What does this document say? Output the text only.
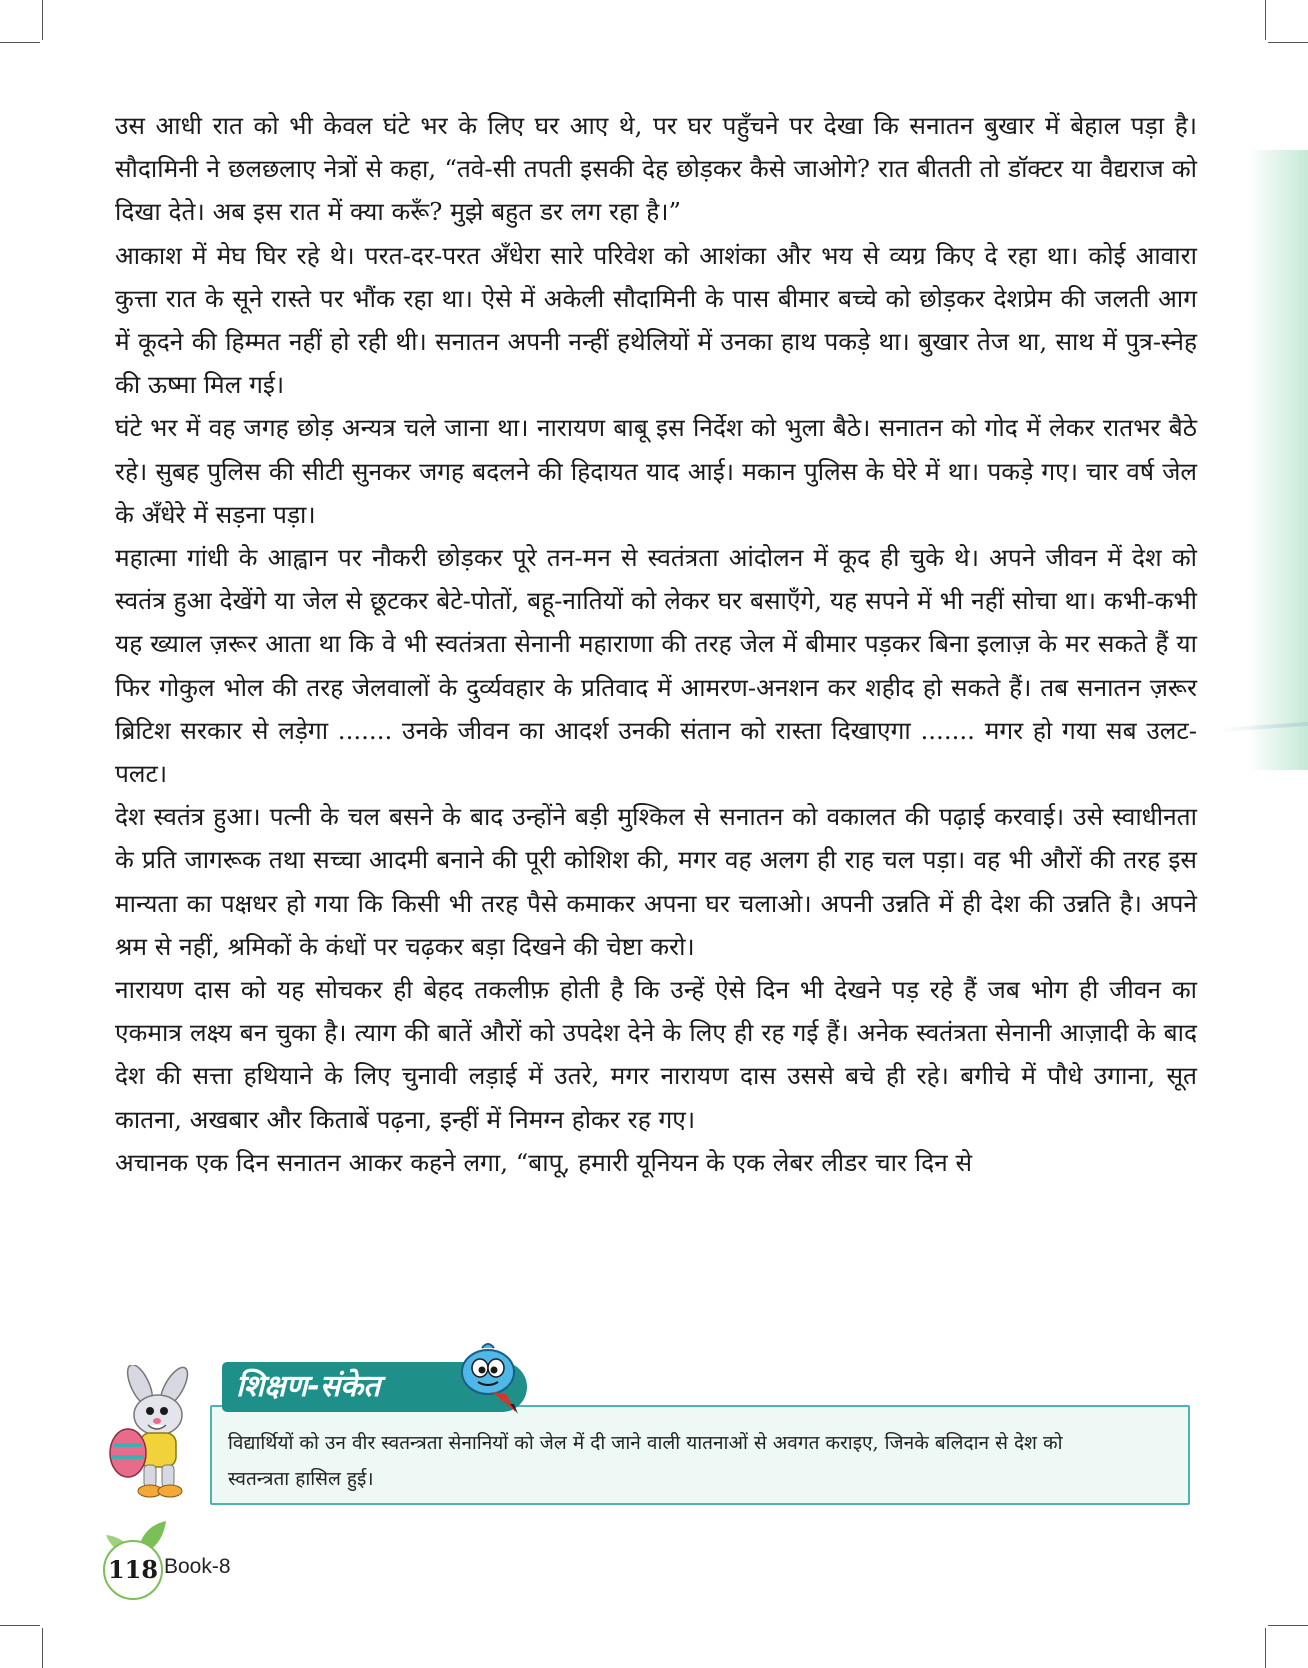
उस आधी रात को भी केवल घंटे भर के लिए घर आए थे, पर घर पहुँचने पर देखा कि सनातन बुखार में बेहाल पड़ा है। सौदामिनी ने छलछलाए नेत्रों से कहा, “तवे-सी तपती इसकी देह छोड़कर कैसे जाओगे? रात बीतती तो डॉक्टर या वैद्यराज को दिखा देते। अब इस रात में क्या करूँ? मुझे बहुत डर लग रहा है।”

आकाश में मेघ घिर रहे थे। परत-दर-परत अँधेरा सारे परिवेश को आशंका और भय से व्यग्र किए दे रहा था। कोई आवारा कुत्ता रात के सूने रास्ते पर भौंक रहा था। ऐसे में अकेली सौदामिनी के पास बीमार बच्चे को छोड़कर देशप्रेम की जलती आग में कूदने की हिम्मत नहीं हो रही थी। सनातन अपनी नन्हीं हथेलियों में उनका हाथ पकड़े था। बुखार तेज था, साथ में पुत्र-स्नेह की ऊष्मा मिल गई।

घंटे भर में वह जगह छोड़ अन्यत्र चले जाना था। नारायण बाबू इस निर्देश को भुला बैठे। सनातन को गोद में लेकर रातभर बैठे रहे। सुबह पुलिस की सीटी सुनकर जगह बदलने की हिदायत याद आई। मकान पुलिस के घेरे में था। पकड़े गए। चार वर्ष जेल के अँधेरे में सड़ना पड़ा।

महात्मा गांधी के आह्वान पर नौकरी छोड़कर पूरे तन-मन से स्वतंत्रता आंदोलन में कूद ही चुके थे। अपने जीवन में देश को स्वतंत्र हुआ देखेंगे या जेल से छूटकर बेटे-पोतों, बहू-नातियों को लेकर घर बसाएँगे, यह सपने में भी नहीं सोचा था। कभी-कभी यह ख्याल ज़रूर आता था कि वे भी स्वतंत्रता सेनानी महाराणा की तरह जेल में बीमार पड़कर बिना इलाज़ के मर सकते हैं या फिर गोकुल भोल की तरह जेलवालों के दुर्व्यवहार के प्रतिवाद में आमरण-अनशन कर शहीद हो सकते हैं। तब सनातन ज़रूर ब्रिटिश सरकार से लड़ेगा ....... उनके जीवन का आदर्श उनकी संतान को रास्ता दिखाएगा ....... मगर हो गया सब उलट-पलट।

देश स्वतंत्र हुआ। पत्नी के चल बसने के बाद उन्होंने बड़ी मुश्किल से सनातन को वकालत की पढ़ाई करवाई। उसे स्वाधीनता के प्रति जागरूक तथा सच्चा आदमी बनाने की पूरी कोशिश की, मगर वह अलग ही राह चल पड़ा। वह भी औरों की तरह इस मान्यता का पक्षधर हो गया कि किसी भी तरह पैसे कमाकर अपना घर चलाओ। अपनी उन्नति में ही देश की उन्नति है। अपने श्रम से नहीं, श्रमिकों के कंधों पर चढ़कर बड़ा दिखने की चेष्टा करो।

नारायण दास को यह सोचकर ही बेहद तकलीफ़ होती है कि उन्हें ऐसे दिन भी देखने पड़ रहे हैं जब भोग ही जीवन का एकमात्र लक्ष्य बन चुका है। त्याग की बातें औरों को उपदेश देने के लिए ही रह गई हैं। अनेक स्वतंत्रता सेनानी आज़ादी के बाद देश की सत्ता हथियाने के लिए चुनावी लड़ाई में उतरे, मगर नारायण दास उससे बचे ही रहे। बगीचे में पौधे उगाना, सूत कातना, अखबार और किताबें पढ़ना, इन्हीं में निमग्न होकर रह गए।

अचानक एक दिन सनातन आकर कहने लगा, “बापू, हमारी यूनियन के एक लेबर लीडर चार दिन से

शिक्षण-संकेत
विद्यार्थियों को उन वीर स्वतन्त्रता सेनानियों को जेल में दी जाने वाली यातनाओं से अवगत कराइए, जिनके बलिदान से देश को स्वतन्त्रता हासिल हुई।
118 Book-8
